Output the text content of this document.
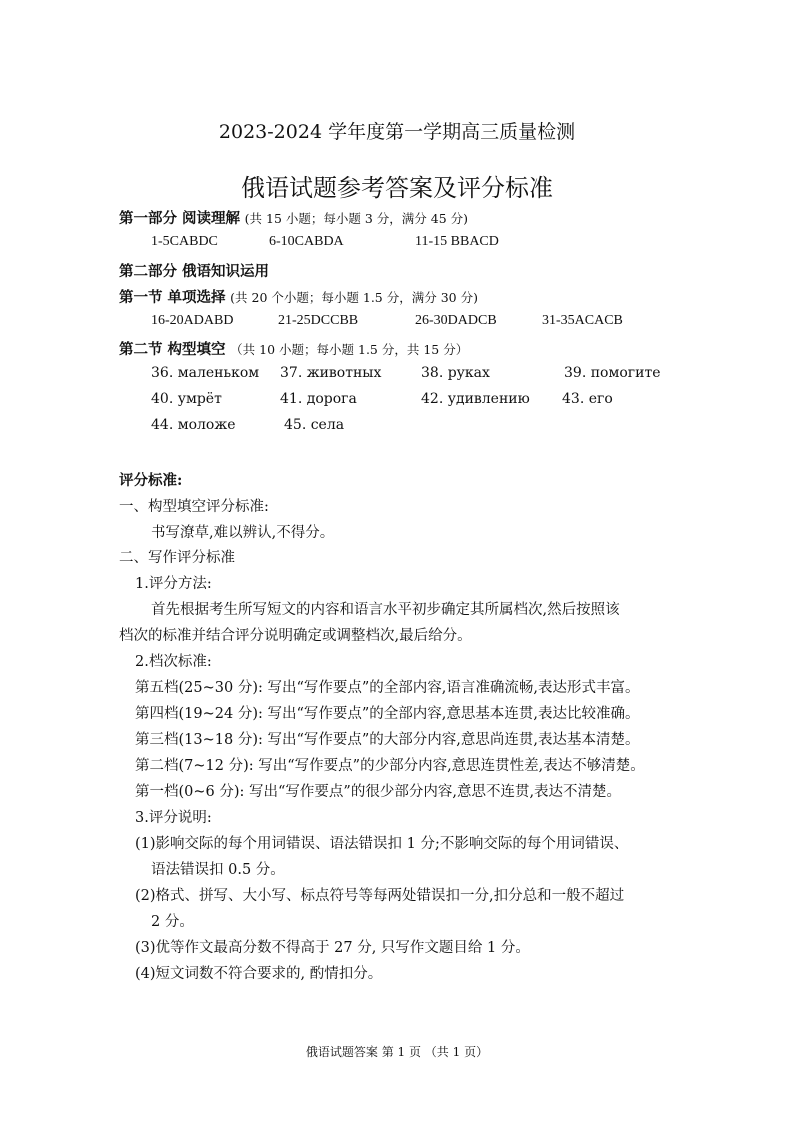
2023-2024 学年度第一学期高三质量检测
俄语试题参考答案及评分标准
第一部分 阅读理解 (共 15 小题；每小题 3 分，满分 45 分)
1-5CABDC	6-10CABDA	11-15 BBACD
第二部分 俄语知识运用
第一节 单项选择 (共 20 个小题；每小题 1.5 分，满分 30 分)
16-20ADABD	21-25DCCBB	26-30DADCB	31-35ACACB
第二节 构型填空 （共 10 小题；每小题 1.5 分，共 15 分）
36. маленьком 37. животных	38. руках	39. помогите
40. умрёт	41. дорога	42. удивлению 43. его
44. моложе	45. села
评分标准:
一、构型填空评分标准:
书写潦草,难以辨认,不得分。
二、写作评分标准
1.评分方法:
首先根据考生所写短文的内容和语言水平初步确定其所属档次,然后按照该
档次的标准并结合评分说明确定或调整档次,最后给分。
2.档次标准:
第五档(25~30 分): 写出“写作要点”的全部内容,语言准确流畅,表达形式丰富。
第四档(19~24 分): 写出“写作要点”的全部内容,意思基本连贯,表达比较准确。
第三档(13~18 分): 写出“写作要点”的大部分内容,意思尚连贯,表达基本清楚。
第二档(7~12 分): 写出“写作要点”的少部分内容,意思连贯性差,表达不够清楚。
第一档(0~6 分): 写出“写作要点”的很少部分内容,意思不连贯,表达不清楚。
3.评分说明:
(1)影响交际的每个用词错误、语法错误扣 1 分;不影响交际的每个用词错误、
语法错误扣 0.5 分。
(2)格式、拼写、大小写、标点符号等每两处错误扣一分,扣分总和一般不超过
2 分。
(3)优等作文最高分数不得高于 27 分, 只写作文题目给 1 分。
(4)短文词数不符合要求的, 酌情扣分。
俄语试题答案 第 1 页 （共 1 页）
